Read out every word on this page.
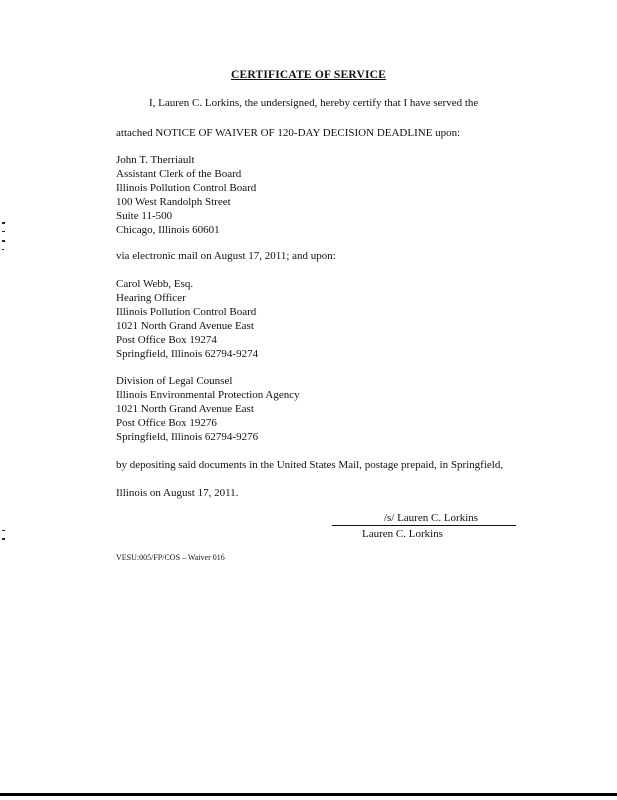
CERTIFICATE OF SERVICE
I, Lauren C. Lorkins, the undersigned, hereby certify that I have served the
attached NOTICE OF WAIVER OF 120-DAY DECISION DEADLINE upon:
John T. Therriault
Assistant Clerk of the Board
Illinois Pollution Control Board
100 West Randolph Street
Suite 11-500
Chicago, Illinois 60601
via electronic mail on August 17, 2011; and upon:
Carol Webb, Esq.
Hearing Officer
Illinois Pollution Control Board
1021 North Grand Avenue East
Post Office Box 19274
Springfield, Illinois 62794-9274
Division of Legal Counsel
Illinois Environmental Protection Agency
1021 North Grand Avenue East
Post Office Box 19276
Springfield, Illinois 62794-9276
by depositing said documents in the United States Mail, postage prepaid, in Springfield,
Illinois on August 17, 2011.
/s/ Lauren C. Lorkins
Lauren C. Lorkins
VESU:005/FP/COS – Waiver 016
